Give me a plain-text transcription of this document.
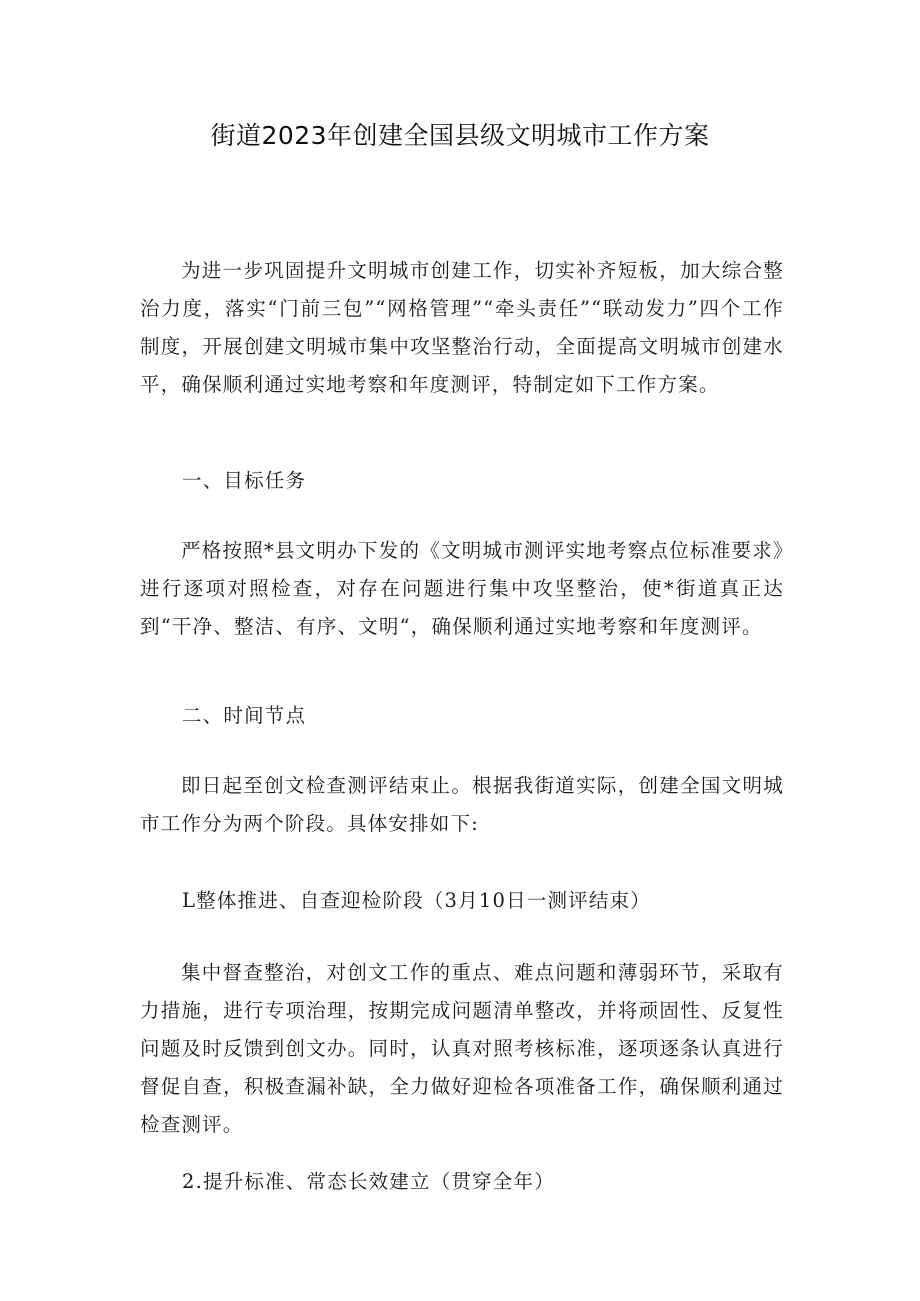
街道2023年创建全国县级文明城市工作方案

为进一步巩固提升文明城市创建工作，切实补齐短板，加大综合整治力度，落实“门前三包”“网格管理”“牵头责任”“联动发力”四个工作制度，开展创建文明城市集中攻坚整治行动，全面提高文明城市创建水平，确保顺利通过实地考察和年度测评，特制定如下工作方案。

一、目标任务

严格按照*县文明办下发的《文明城市测评实地考察点位标准要求》进行逐项对照检查，对存在问题进行集中攻坚整治，使*街道真正达到“干净、整洁、有序、文明“，确保顺利通过实地考察和年度测评。

二、时间节点

即日起至创文检查测评结束止。根据我街道实际，创建全国文明城市工作分为两个阶段。具体安排如下:

L整体推进、自查迎检阶段（3月10日一测评结束）

集中督查整治，对创文工作的重点、难点问题和薄弱环节，采取有力措施，进行专项治理，按期完成问题清单整改，并将顽固性、反复性问题及时反馈到创文办。同时，认真对照考核标准，逐项逐条认真进行督促自查，积极查漏补缺，全力做好迎检各项准备工作，确保顺利通过检查测评。

2.提升标准、常态长效建立（贯穿全年）
